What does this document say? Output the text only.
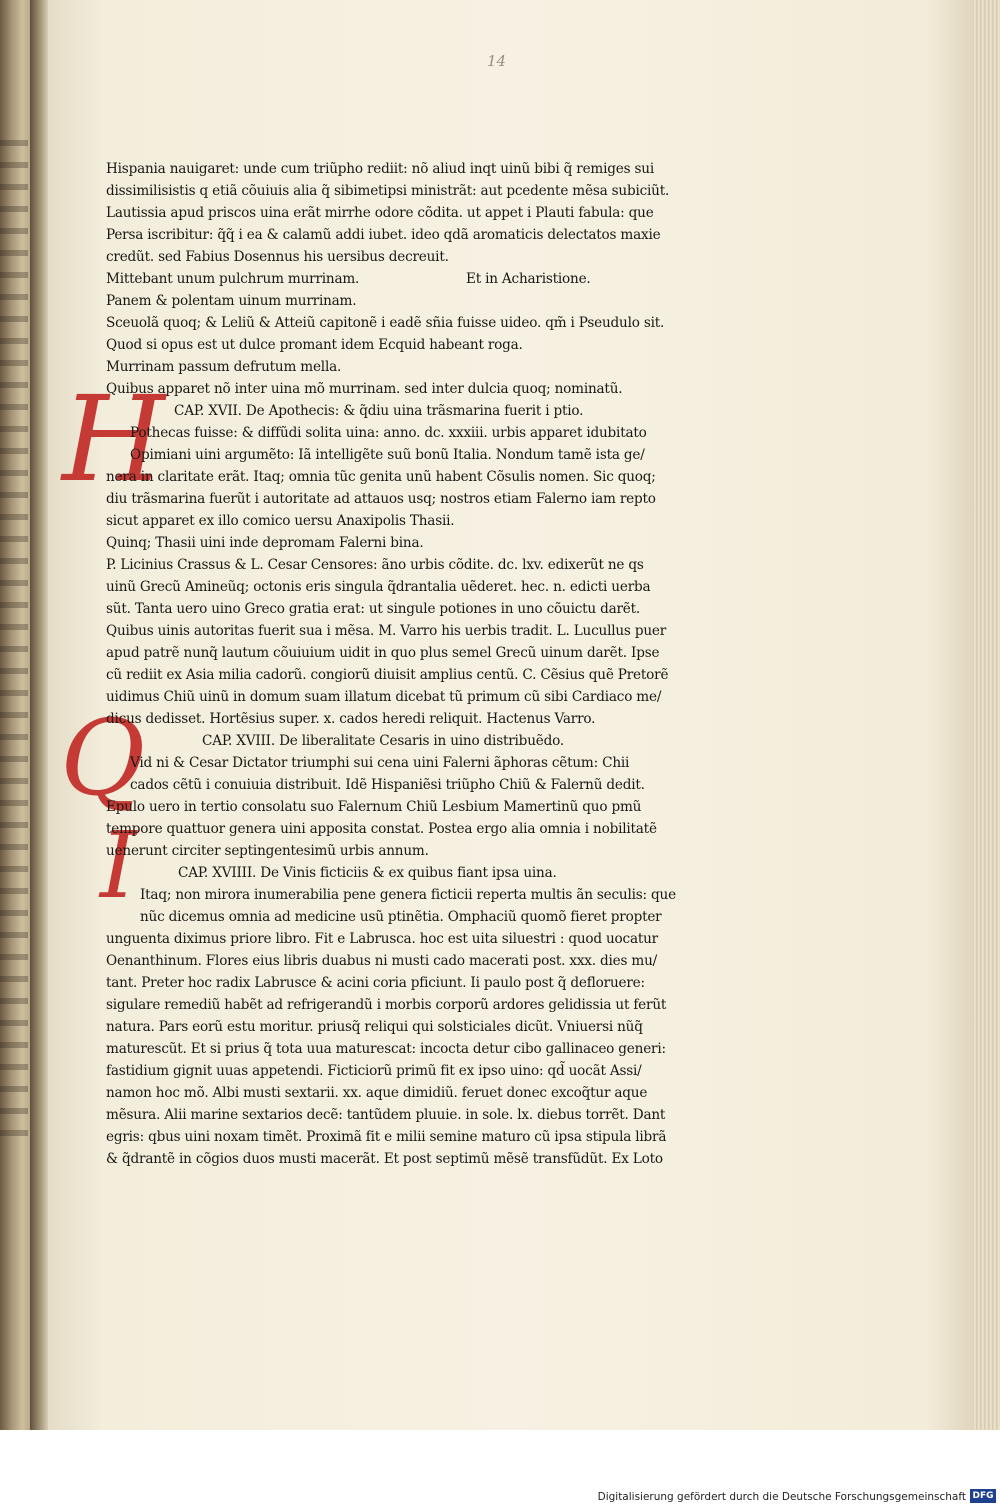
14
H
Q
I
Hispania nauigaret: unde cum triũpho rediit: nõ aliud inqt uinũ bibi q̃ remiges sui
dissimilisistis q etiã cõuiuis alia q̃ sibimetipsi ministrãt: aut pcedente mẽsa subiciũt.
Lautissia apud priscos uina erãt mirrhe odore cõdita. ut appet i Plauti fabula: que
Persa iscribitur: q̃q̃ i ea & calamũ addi iubet. ideo qdã aromaticis delectatos maxie
credũt. sed Fabius Dosennus his uersibus decreuit.
Mittebant unum pulchrum murrinam.	Et in Acharistione.
Panem & polentam uinum murrinam.
Sceuolã quoq; & Leliũ & Atteiũ capitonẽ i eadẽ sñia fuisse uideo. qm̃ i Pseudulo sit.
Quod si opus est ut dulce promant idem Ecquid habeant roga.
Murrinam passum defrutum mella.
Quibus apparet nõ inter uina mõ murrinam. sed inter dulcia quoq; nominatũ.
CAP. XVII. De Apothecis: & q̃diu uina trãsmarina fuerit i ptio.
Pothecas fuisse: & diffũdi solita uina: anno. dc. xxxiii. urbis apparet idubitato
Opimiani uini argumẽto: Iã intelligẽte suũ bonũ Italia. Nondum tamẽ ista ge/
nera in claritate erãt. Itaq; omnia tũc genita unũ habent Cõsulis nomen. Sic quoq;
diu trãsmarina fuerũt i autoritate ad attauos usq; nostros etiam Falerno iam repto
sicut apparet ex illo comico uersu Anaxipolis Thasii.
Quinq; Thasii uini inde depromam Falerni bina.
P. Licinius Crassus & L. Cesar Censores: ãno urbis cõdite. dc. lxv. edixerũt ne qs
uinũ Grecũ Amineũq; octonis eris singula q̃drantalia uẽderet. hec. n. edicti uerba
sũt. Tanta uero uino Greco gratia erat: ut singule potiones in uno cõuictu darẽt.
Quibus uinis autoritas fuerit sua i mẽsa. M. Varro his uerbis tradit. L. Lucullus puer
apud patrẽ nunq̃ lautum cõuiuium uidit in quo plus semel Grecũ uinum darẽt. Ipse
cũ rediit ex Asia milia cadorũ. congiorũ diuisit amplius centũ. C. Cẽsius quẽ Pretorẽ
uidimus Chiũ uinũ in domum suam illatum dicebat tũ primum cũ sibi Cardiaco me/
dicus dedisset. Hortẽsius super. x. cados heredi reliquit. Hactenus Varro.
CAP. XVIII. De liberalitate Cesaris in uino distribuẽdo.
Vid ni & Cesar Dictator triumphi sui cena uini Falerni ãphoras cẽtum: Chii
cados cẽtũ i conuiuia distribuit. Idẽ Hispaniẽsi triũpho Chiũ & Falernũ dedit.
Epulo uero in tertio consolatu suo Falernum Chiũ Lesbium Mamertinũ quo pmũ
tempore quattuor genera uini apposita constat. Postea ergo alia omnia i nobilitatẽ
uenerunt circiter septingentesimũ urbis annum.
CAP. XVIIII. De Vinis ficticiis & ex quibus fiant ipsa uina.
Itaq; non mirora inumerabilia pene genera ficticii reperta multis ãn seculis: que
nũc dicemus omnia ad medicine usũ ptinẽtia. Omphaciũ quomõ fieret propter
unguenta diximus priore libro. Fit e Labrusca. hoc est uita siluestri : quod uocatur
Oenanthinum. Flores eius libris duabus ni musti cado macerati post. xxx. dies mu/
tant. Preter hoc radix Labrusce & acini coria pficiunt. Ii paulo post q̃ defloruere:
sigulare remediũ habẽt ad refrigerandũ i morbis corporũ ardores gelidissia ut ferũt
natura. Pars eorũ estu moritur. priusq̃ reliqui qui solsticiales dicũt. Vniuersi nũq̃
maturescũt. Et si prius q̃ tota uua maturescat: incocta detur cibo gallinaceo generi:
fastidium gignit uuas appetendi. Ficticiorũ primũ fit ex ipso uino: qd̃ uocãt Assi/
namon hoc mõ. Albi musti sextarii. xx. aque dimidiũ. feruet donec excoq̃tur aque
mẽsura. Alii marine sextarios decẽ: tantũdem pluuie. in sole. lx. diebus torrẽt. Dant
egris: qbus uini noxam timẽt. Proximã fit e milii semine maturo cũ ipsa stipula librã
& q̃drantẽ in cõgios duos musti macerãt. Et post septimũ mẽsẽ transfũdũt. Ex Loto
Digitalisierung gefördert durch die Deutsche Forschungsgemeinschaft DFG
